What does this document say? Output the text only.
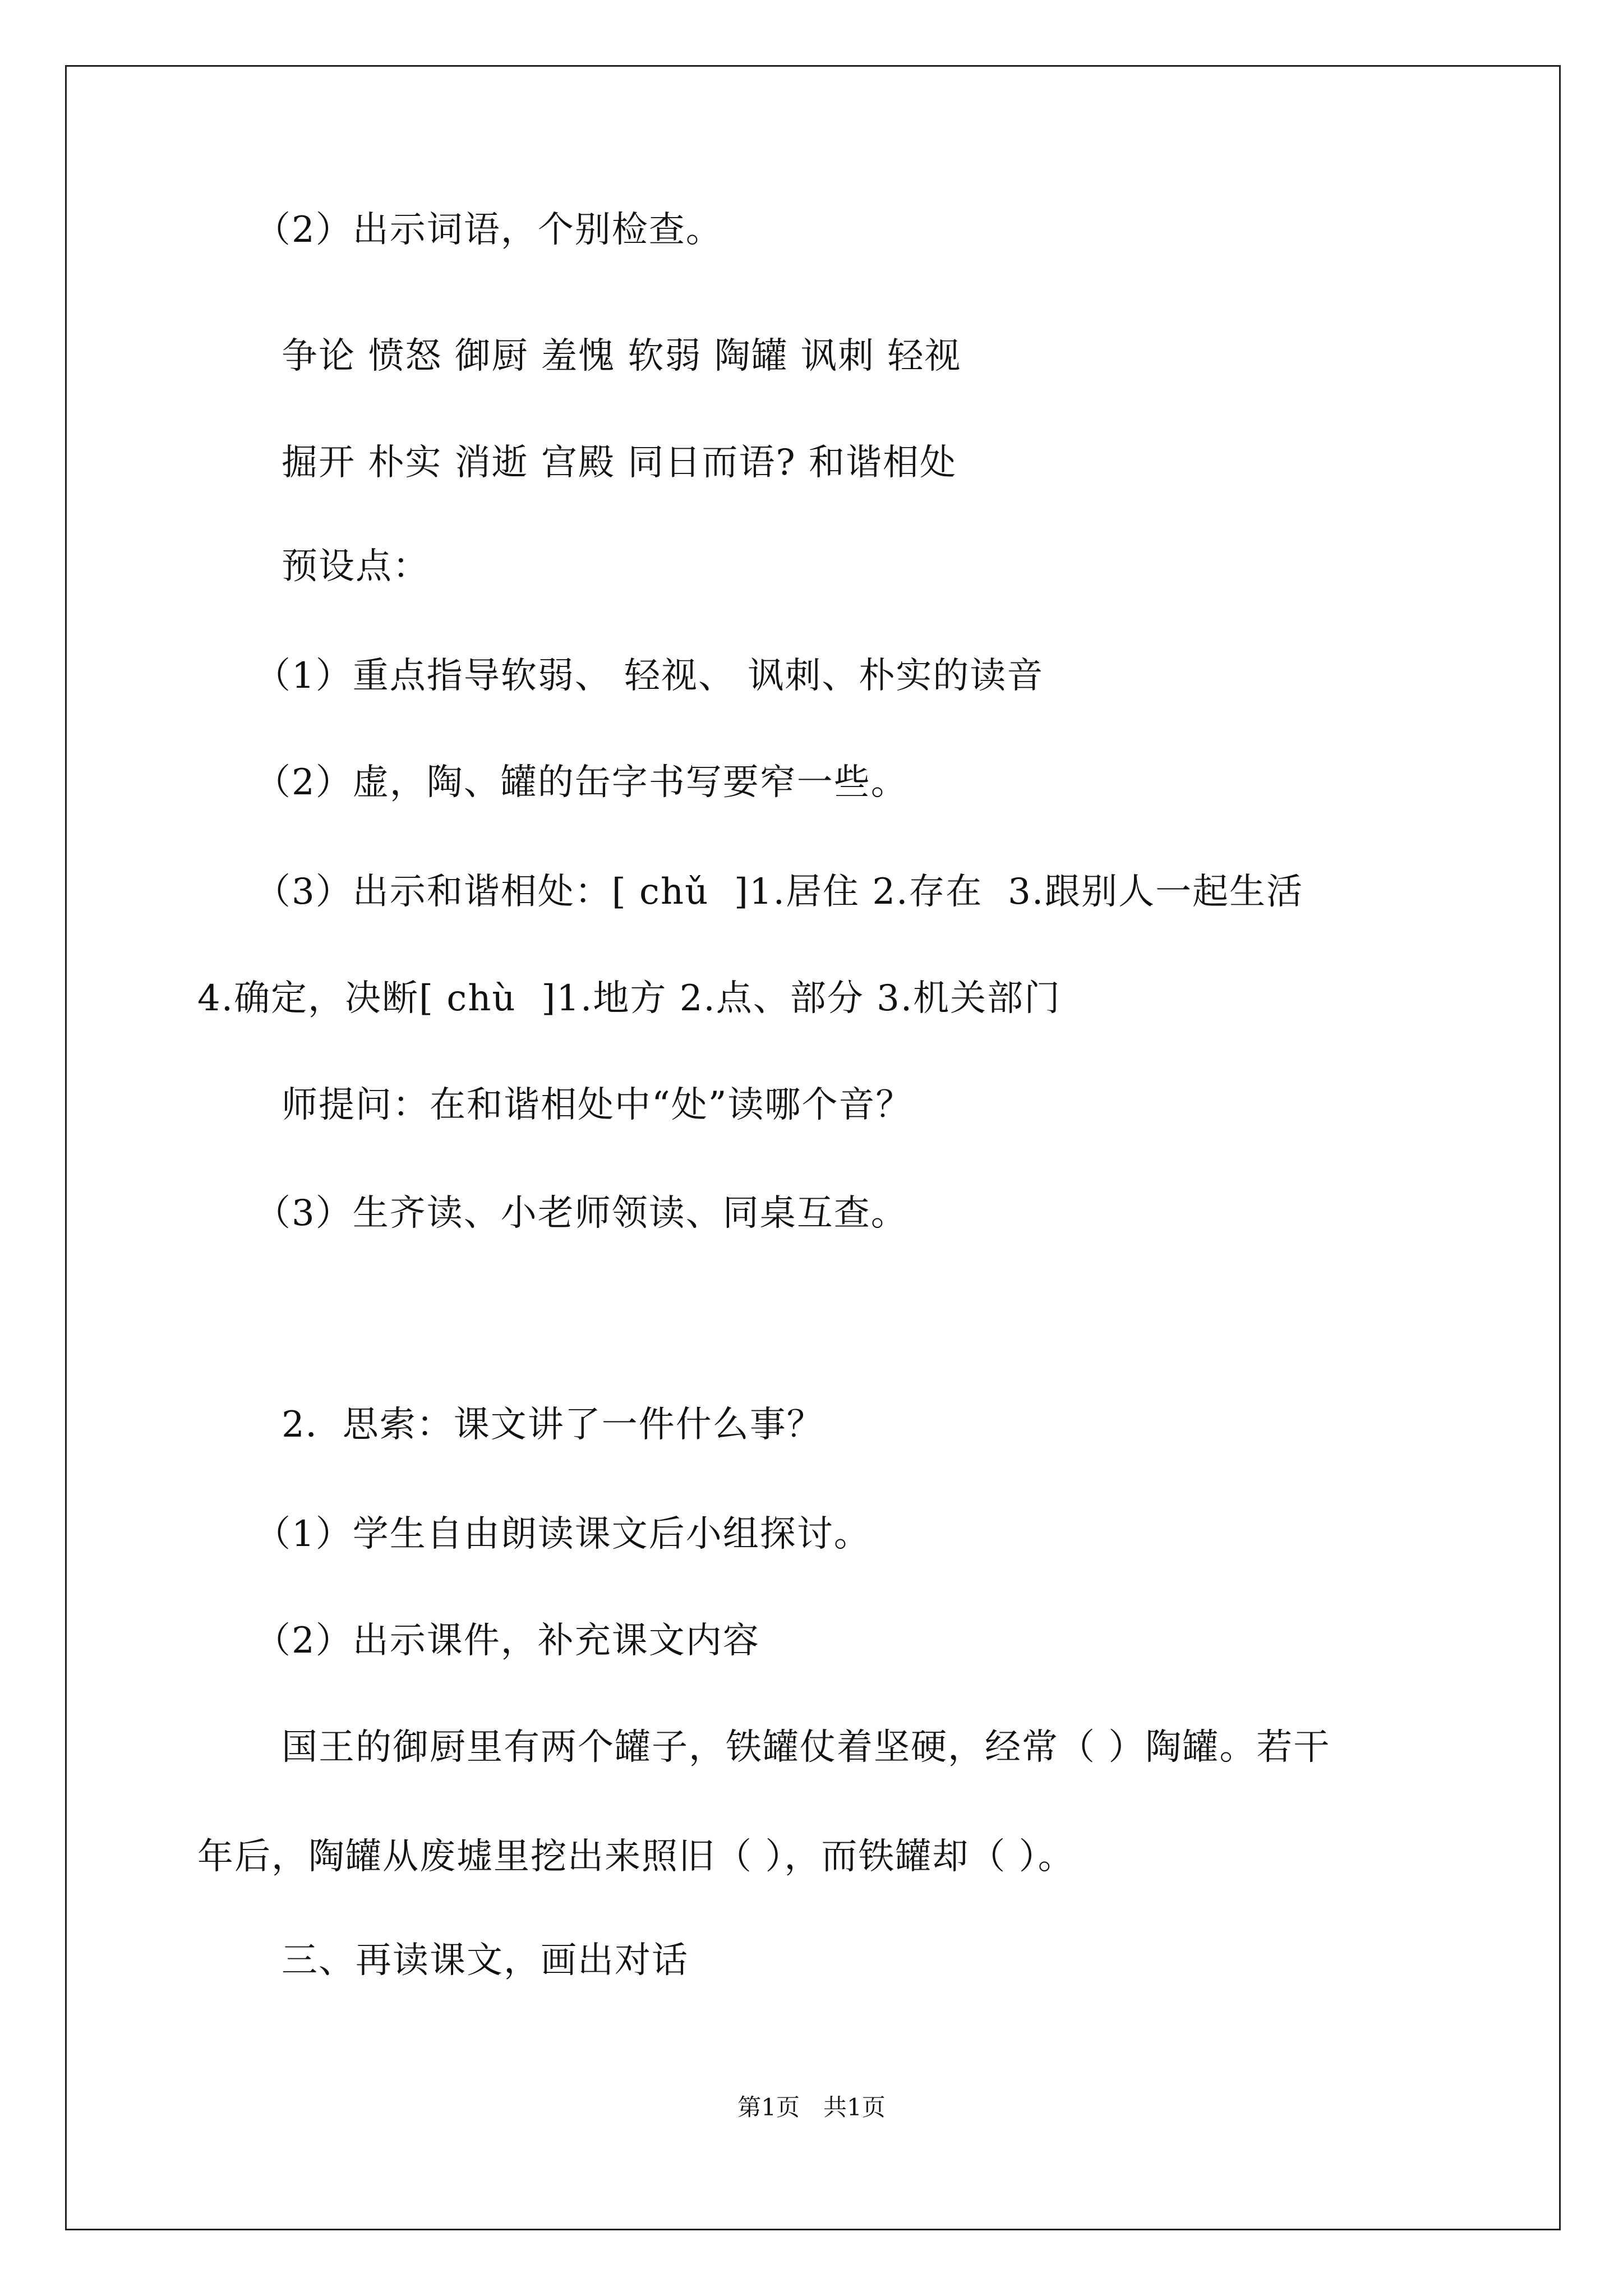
（2）出示词语，个别检查。
争论 愤怒 御厨 羞愧 软弱 陶罐 讽刺 轻视
掘开 朴实 消逝 宫殿 同日而语? 和谐相处
预设点：
（1）重点指导软弱、 轻视、 讽刺、朴实的读音
（2）虚，陶、罐的缶字书写要窄一些。
（3）出示和谐相处：[ chǔ  ]1.居住 2.存在  3.跟别人一起生活
4.确定，决断[ chù  ]1.地方 2.点、部分 3.机关部门
师提问：在和谐相处中“处”读哪个音？
（3）生齐读、小老师领读、同桌互查。
2．思索：课文讲了一件什么事？
（1）学生自由朗读课文后小组探讨。
（2）出示课件，补充课文内容
国王的御厨里有两个罐子，铁罐仗着坚硬，经常（ ）陶罐。若干
年后，陶罐从废墟里挖出来照旧（ ），而铁罐却（ ）。
三、再读课文，画出对话
第1页　共1页
